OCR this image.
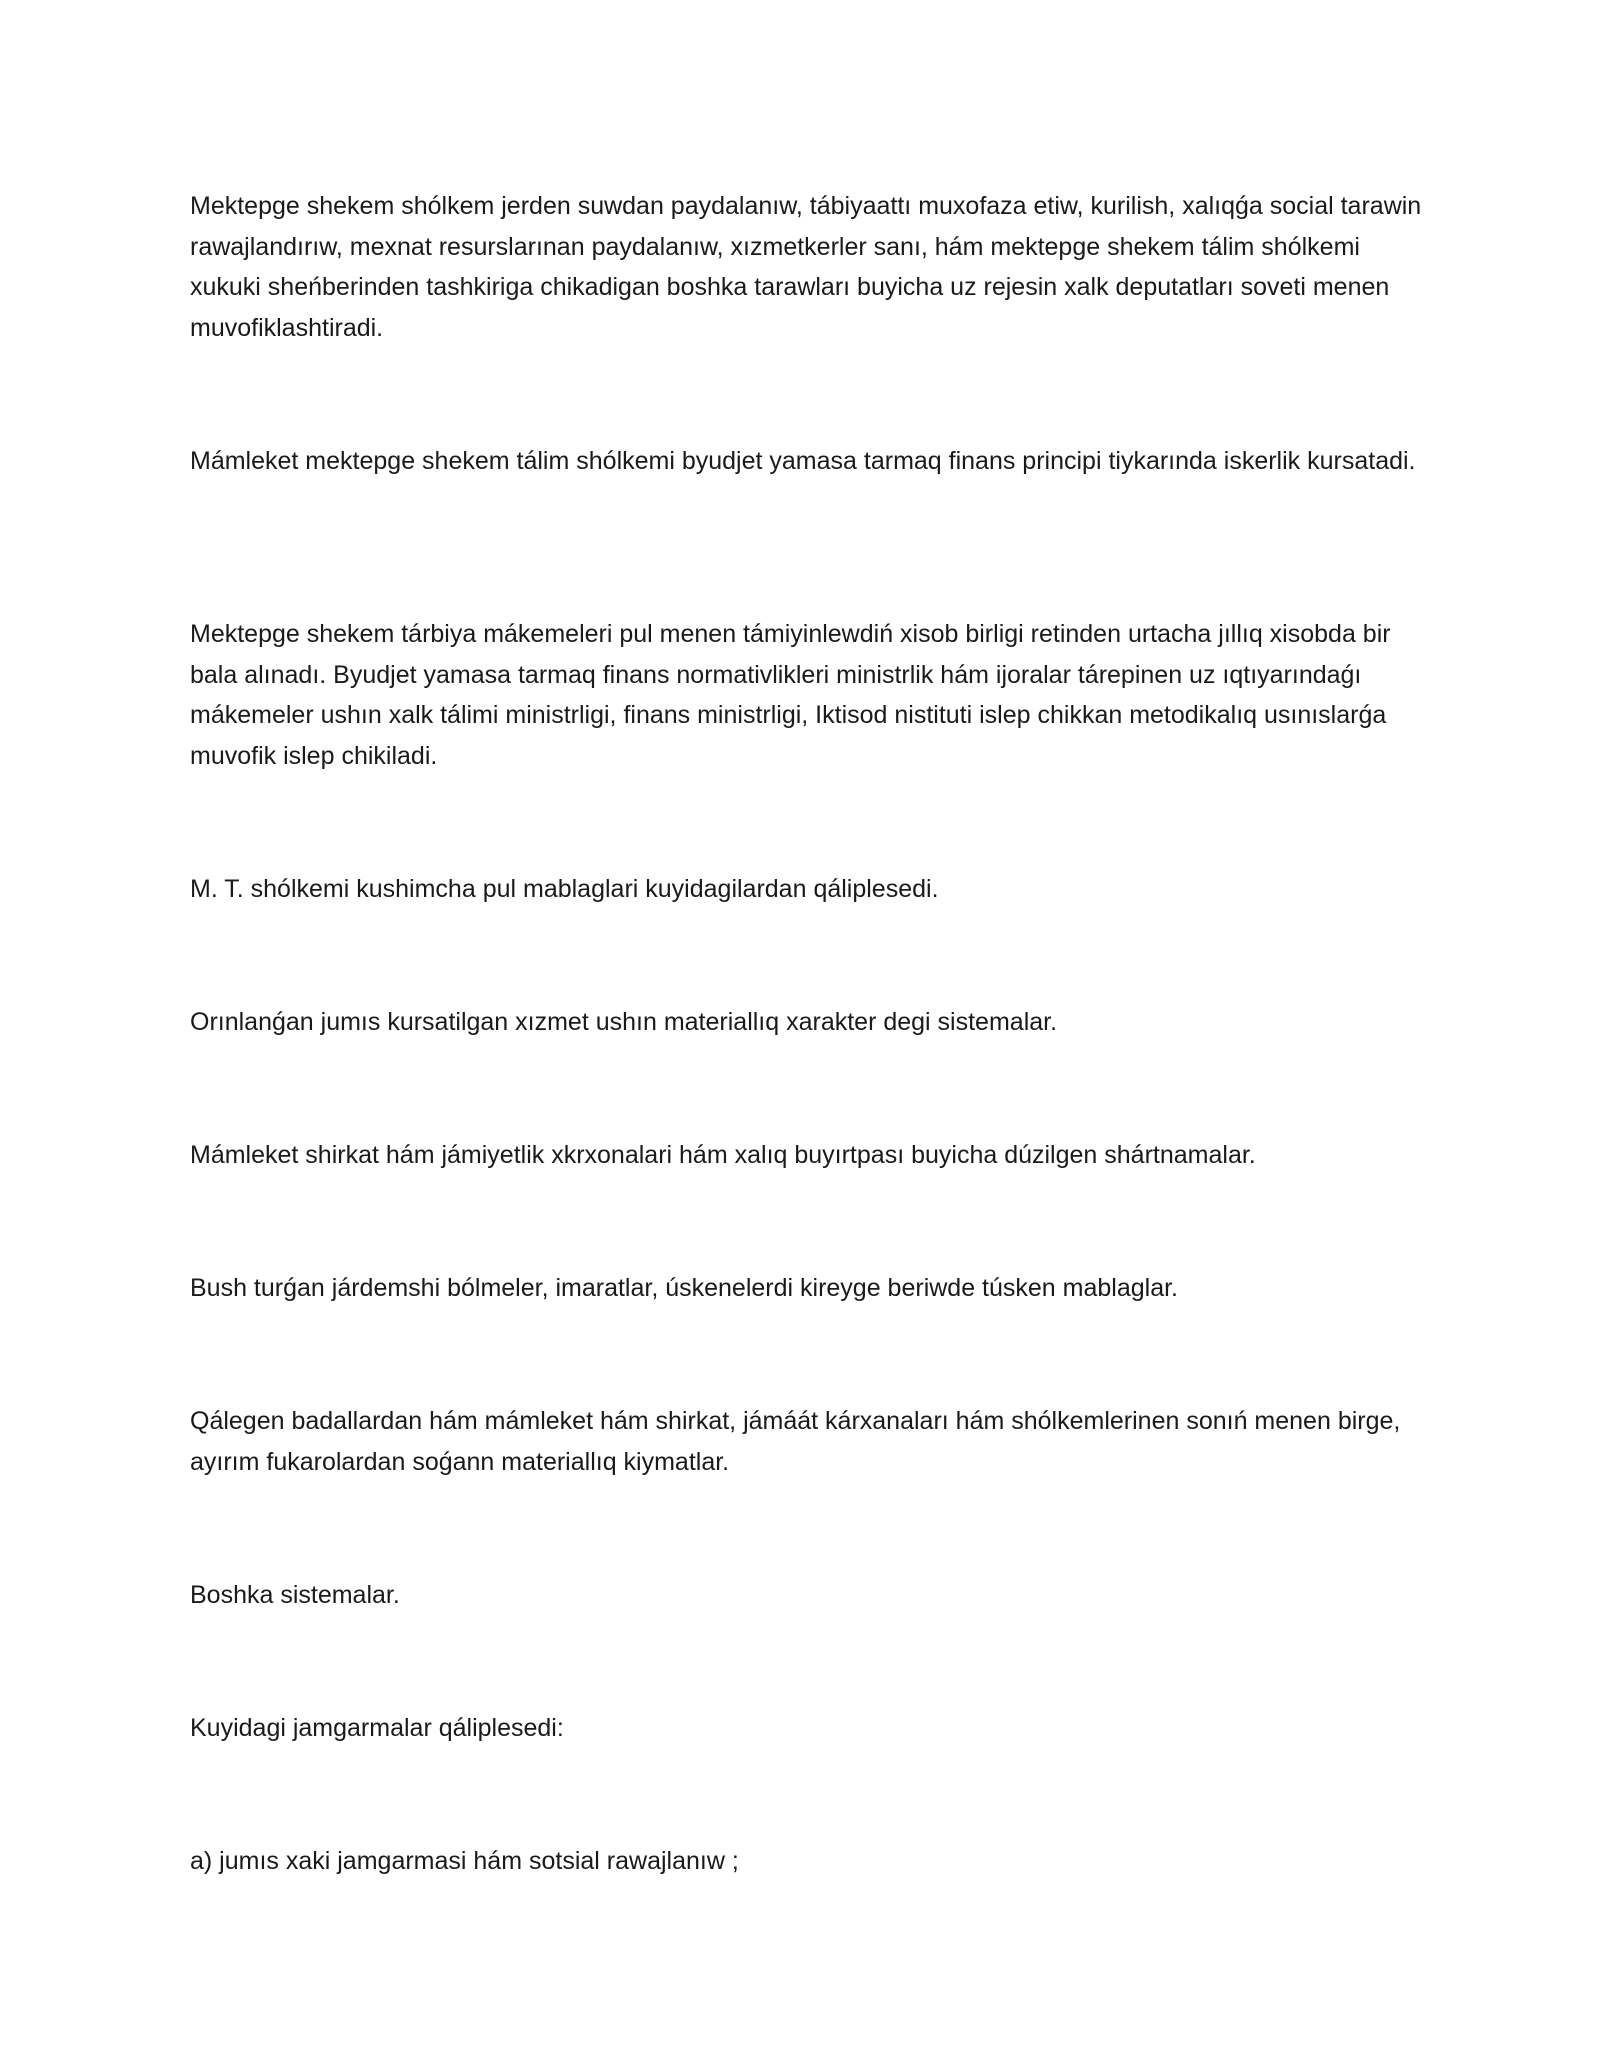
Mektepge shekem shólkem jerden suwdan paydalanıw, tábiyaattı muxofaza etiw, kurilish, xalıqǵa social tarawin rawajlandırıw, mexnat resurslarınan paydalanıw, xızmetkerler sanı, hám mektepge shekem tálim shólkemi xukuki sheńberinden tashkiriga chikadigan boshka tarawları buyicha uz rejesin xalk deputatları soveti menen muvofiklashtiradi.

Mámleket mektepge shekem tálim shólkemi byudjet yamasa tarmaq finans principi tiykarında iskerlik kursatadi.

Mektepge shekem tárbiya mákemeleri pul menen támiyinlewdiń xisob birligi retinden urtacha jıllıq xisobda bir bala alınadı. Byudjet yamasa tarmaq finans normativlikleri ministrlik hám ijoralar tárepinen uz ıqtıyarındaǵı mákemeler ushın xalk tálimi ministrligi, finans ministrligi, Iktisod nistituti islep chikkan metodikalıq usınıslarǵa muvofik islep chikiladi.

M. T. shólkemi kushimcha pul mablaglari kuyidagilardan qáliplesedi.

Orınlanǵan jumıs kursatilgan xızmet ushın materiallıq xarakter degi sistemalar.

Mámleket shirkat hám jámiyetlik xkrxonalari hám xalıq buyırtpası buyicha dúzilgen shártnamalar.

Bush turǵan járdemshi bólmeler, imaratlar, úskenelerdi kireyge beriwde túsken mablaglar.

Qálegen badallardan hám mámleket hám shirkat, jámáát kárxanaları hám shólkemlerinen sonıń menen birge, ayırım fukarolardan soǵann materiallıq kiymatlar.

Boshka sistemalar.

Kuyidagi jamgarmalar qáliplesedi:

a) jumıs xaki jamgarmasi hám sotsial rawajlanıw ;
